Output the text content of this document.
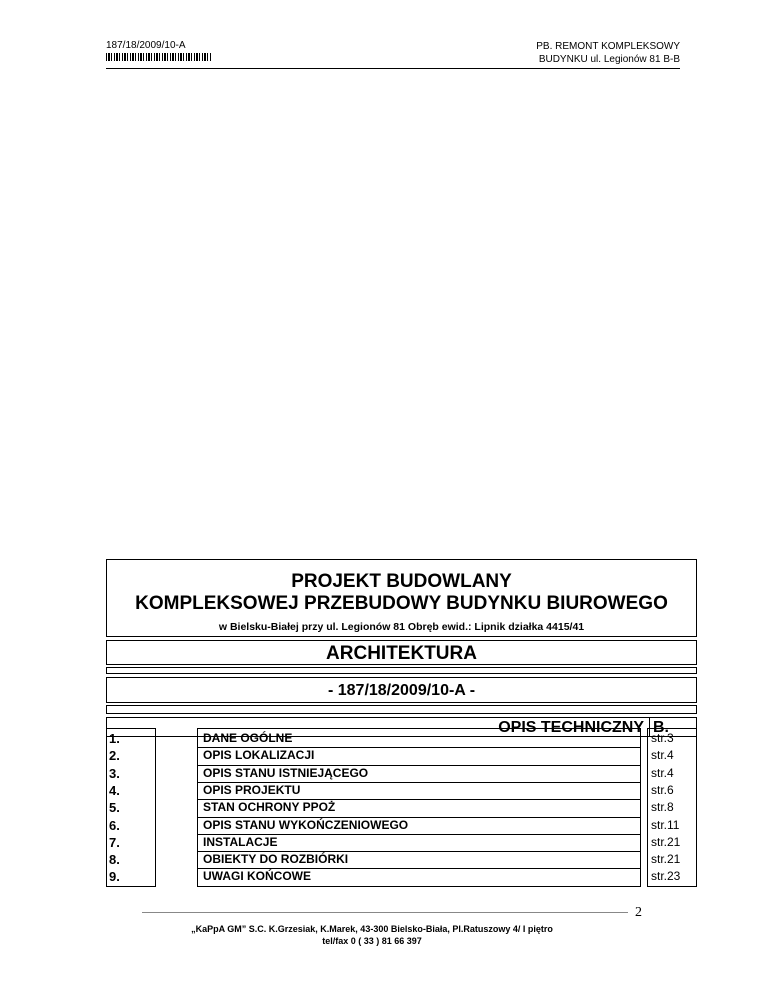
187/18/2009/10-A	PB. REMONT KOMPLEKSOWY
BUDYNKU ul. Legionów 81 B-B
PROJEKT BUDOWLANY
KOMPLEKSOWEJ PRZEBUDOWY BUDYNKU BIUROWEGO
w Bielsku-Białej przy ul. Legionów 81 Obręb ewid.: Lipnik działka 4415/41
ARCHITEKTURA
- 187/18/2009/10-A -
OPIS TECHNICZNY B.
1.	DANE OGÓLNE	str.3
2.	OPIS LOKALIZACJI	str.4
3.	OPIS STANU ISTNIEJĄCEGO	str.4
4.	OPIS PROJEKTU	str.6
5.	STAN OCHRONY PPOŻ	str.8
6.	OPIS STANU WYKOŃCZENIOWEGO	str.11
7.	INSTALACJE	str.21
8.	OBIEKTY DO ROZBIÓRKI	str.21
9.	UWAGI KOŃCOWE	str.23
2
„KaPpA GM” S.C. K.Grzesiak, K.Marek, 43-300 Bielsko-Biała, Pl.Ratuszowy 4/ I piętro
tel/fax 0 ( 33 ) 81 66 397
